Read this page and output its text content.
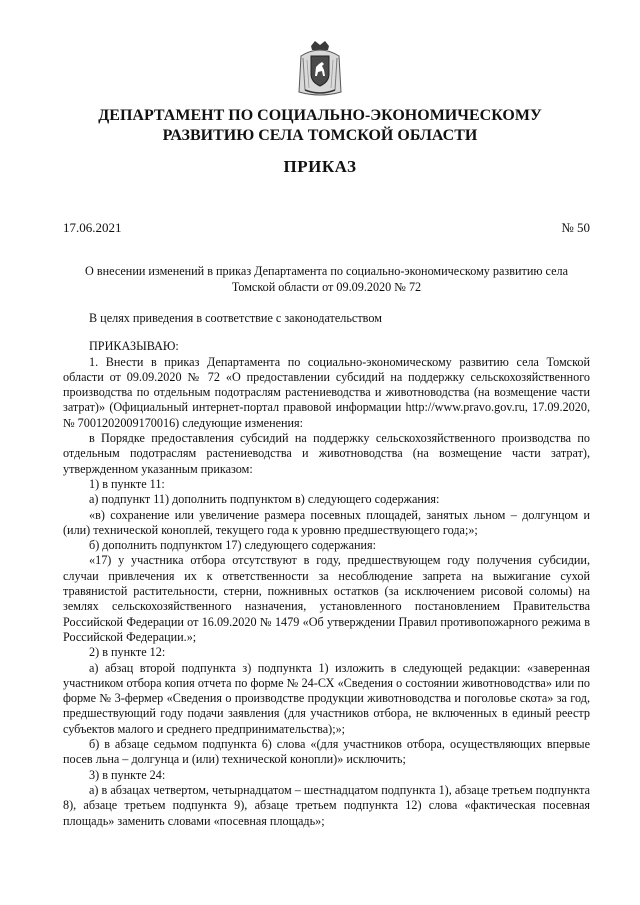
ДЕПАРТАМЕНТ ПО СОЦИАЛЬНО-ЭКОНОМИЧЕСКОМУ РАЗВИТИЮ СЕЛА ТОМСКОЙ ОБЛАСТИ
ПРИКАЗ
17.06.2021	№ 50
О внесении изменений в приказ Департамента по социально-экономическому развитию села Томской области от 09.09.2020 № 72

В целях приведения в соответствие с законодательством

ПРИКАЗЫВАЮ:

1. Внести в приказ Департамента по социально-экономическому развитию села Томской области от 09.09.2020 № 72 «О предоставлении субсидий на поддержку сельскохозяйственного производства по отдельным подотраслям растениеводства и животноводства (на возмещение части затрат)» (Официальный интернет-портал правовой информации http://www.pravo.gov.ru, 17.09.2020, № 7001202009170016) следующие изменения:

в Порядке предоставления субсидий на поддержку сельскохозяйственного производства по отдельным подотраслям растениеводства и животноводства (на возмещение части затрат), утвержденном указанным приказом:

1) в пункте 11:

а) подпункт 11) дополнить подпунктом в) следующего содержания:

«в) сохранение или увеличение размера посевных площадей, занятых льном – долгунцом и (или) технической коноплей, текущего года к уровню предшествующего года;»;

б) дополнить подпунктом 17) следующего содержания:

«17) у участника отбора отсутствуют в году, предшествующем году получения субсидии, случаи привлечения их к ответственности за несоблюдение запрета на выжигание сухой травянистой растительности, стерни, пожнивных остатков (за исключением рисовой соломы) на землях сельскохозяйственного назначения, установленного постановлением Правительства Российской Федерации от 16.09.2020 № 1479 «Об утверждении Правил противопожарного режима в Российской Федерации.»;

2) в пункте 12:

а) абзац второй подпункта з) подпункта 1) изложить в следующей редакции: «заверенная участником отбора копия отчета по форме № 24-СХ «Сведения о состоянии животноводства» или по форме № 3-фермер «Сведения о производстве продукции животноводства и поголовье скота» за год, предшествующий году подачи заявления (для участников отбора, не включенных в единый реестр субъектов малого и среднего предпринимательства);»;

б) в абзаце седьмом подпункта 6) слова «(для участников отбора, осуществляющих впервые посев льна – долгунца и (или) технической конопли)» исключить;

3) в пункте 24:

а) в абзацах четвертом, четырнадцатом – шестнадцатом подпункта 1), абзаце третьем подпункта 8), абзаце третьем подпункта 9), абзаце третьем подпункта 12) слова «фактическая посевная площадь» заменить словами «посевная площадь»;
